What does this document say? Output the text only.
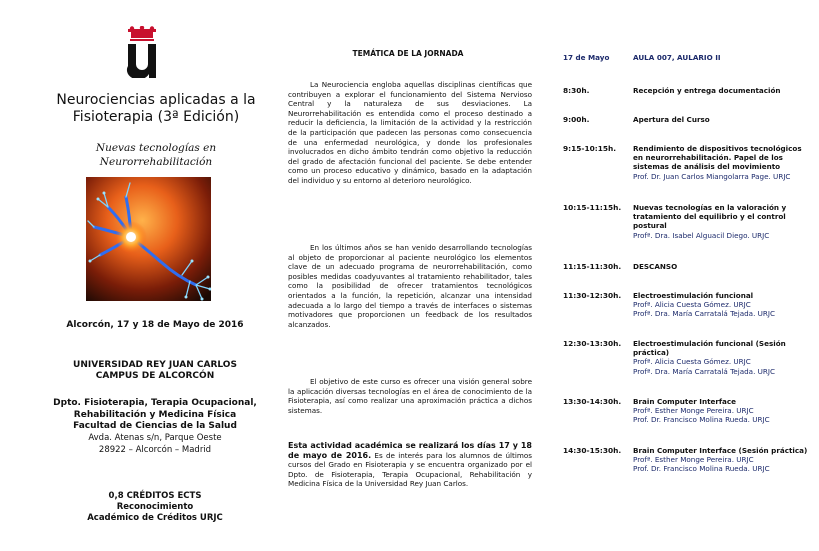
Neurociencias aplicadas a la
Fisioterapia (3ª Edición)
Nuevas tecnologías en
Neurorrehabilitación
Alcorcón, 17 y 18 de Mayo de 2016
UNIVERSIDAD REY JUAN CARLOS
CAMPUS DE ALCORCÓN
Dpto. Fisioterapia, Terapia Ocupacional,
Rehabilitación y Medicina Física
Facultad de Ciencias de la Salud
Avda. Atenas s/n, Parque Oeste
28922 – Alcorcón – Madrid
0,8 CRÉDITOS ECTS
Reconocimiento
Académico de Créditos URJC
TEMÁTICA DE LA JORNADA
La Neurociencia engloba aquellas disciplinas científicas que contribuyen a explorar el funcionamiento del Sistema Nervioso Central y la naturaleza de sus desviaciones. La Neurorrehabilitación es entendida como el proceso destinado a reducir la deficiencia, la limitación de la actividad y la restricción de la participación que padecen las personas como consecuencia de una enfermedad neurológica, y donde los profesionales involucrados en dicho ámbito tendrán como objetivo la reducción del grado de afectación funcional del paciente. Se debe entender como un proceso educativo y dinámico, basado en la adaptación del individuo y su entorno al deterioro neurológico.
En los últimos años se han venido desarrollando tecnologías al objeto de proporcionar al paciente neurológico los elementos clave de un adecuado programa de neurorrehabilitación, como posibles medidas coadyuvantes al tratamiento rehabilitador, tales como la posibilidad de ofrecer tratamientos tecnológicos orientados a la función, la repetición, alcanzar una intensidad adecuada a lo largo del tiempo a través de interfaces o sistemas motivadores que proporcionen un feedback de los resultados alcanzados.
El objetivo de este curso es ofrecer una visión general sobre la aplicación diversas tecnologías en el área de conocimiento de la Fisioterapia, así como realizar una aproximación práctica a dichos sistemas.
Esta actividad académica se realizará los días 17 y 18 de mayo de 2016. Es de interés para los alumnos de últimos cursos del Grado en Fisioterapia y se encuentra organizado por el Dpto. de Fisioterapia, Terapia Ocupacional, Rehabilitación y Medicina Física de la Universidad Rey Juan Carlos.
17 de Mayo	AULA 007, AULARIO II
8:30h.	Recepción y entrega documentación
9:00h.	Apertura del Curso
9:15-10:15h. Rendimiento de dispositivos tecnológicos en neurorrehabilitación. Papel de los sistemas de análisis del movimiento
Prof. Dr. Juan Carlos Miangolarra Page. URJC
10:15-11:15h. Nuevas tecnologías en la valoración y tratamiento del equilibrio y el control postural
Profª. Dra. Isabel Alguacil Diego. URJC
11:15-11:30h. DESCANSO
11:30-12:30h. Electroestimulación funcional
Profª. Alicia Cuesta Gómez. URJC
Profª. Dra. María Carratalá Tejada. URJC
12:30-13:30h. Electroestimulación funcional (Sesión práctica)
Profª. Alicia Cuesta Gómez. URJC
Profª. Dra. María Carratalá Tejada. URJC
13:30-14:30h. Brain Computer Interface
Profª. Esther Monge Pereira. URJC
Prof. Dr. Francisco Molina Rueda. URJC
14:30-15:30h. Brain Computer Interface (Sesión práctica)
Profª. Esther Monge Pereira. URJC
Prof. Dr. Francisco Molina Rueda. URJC
